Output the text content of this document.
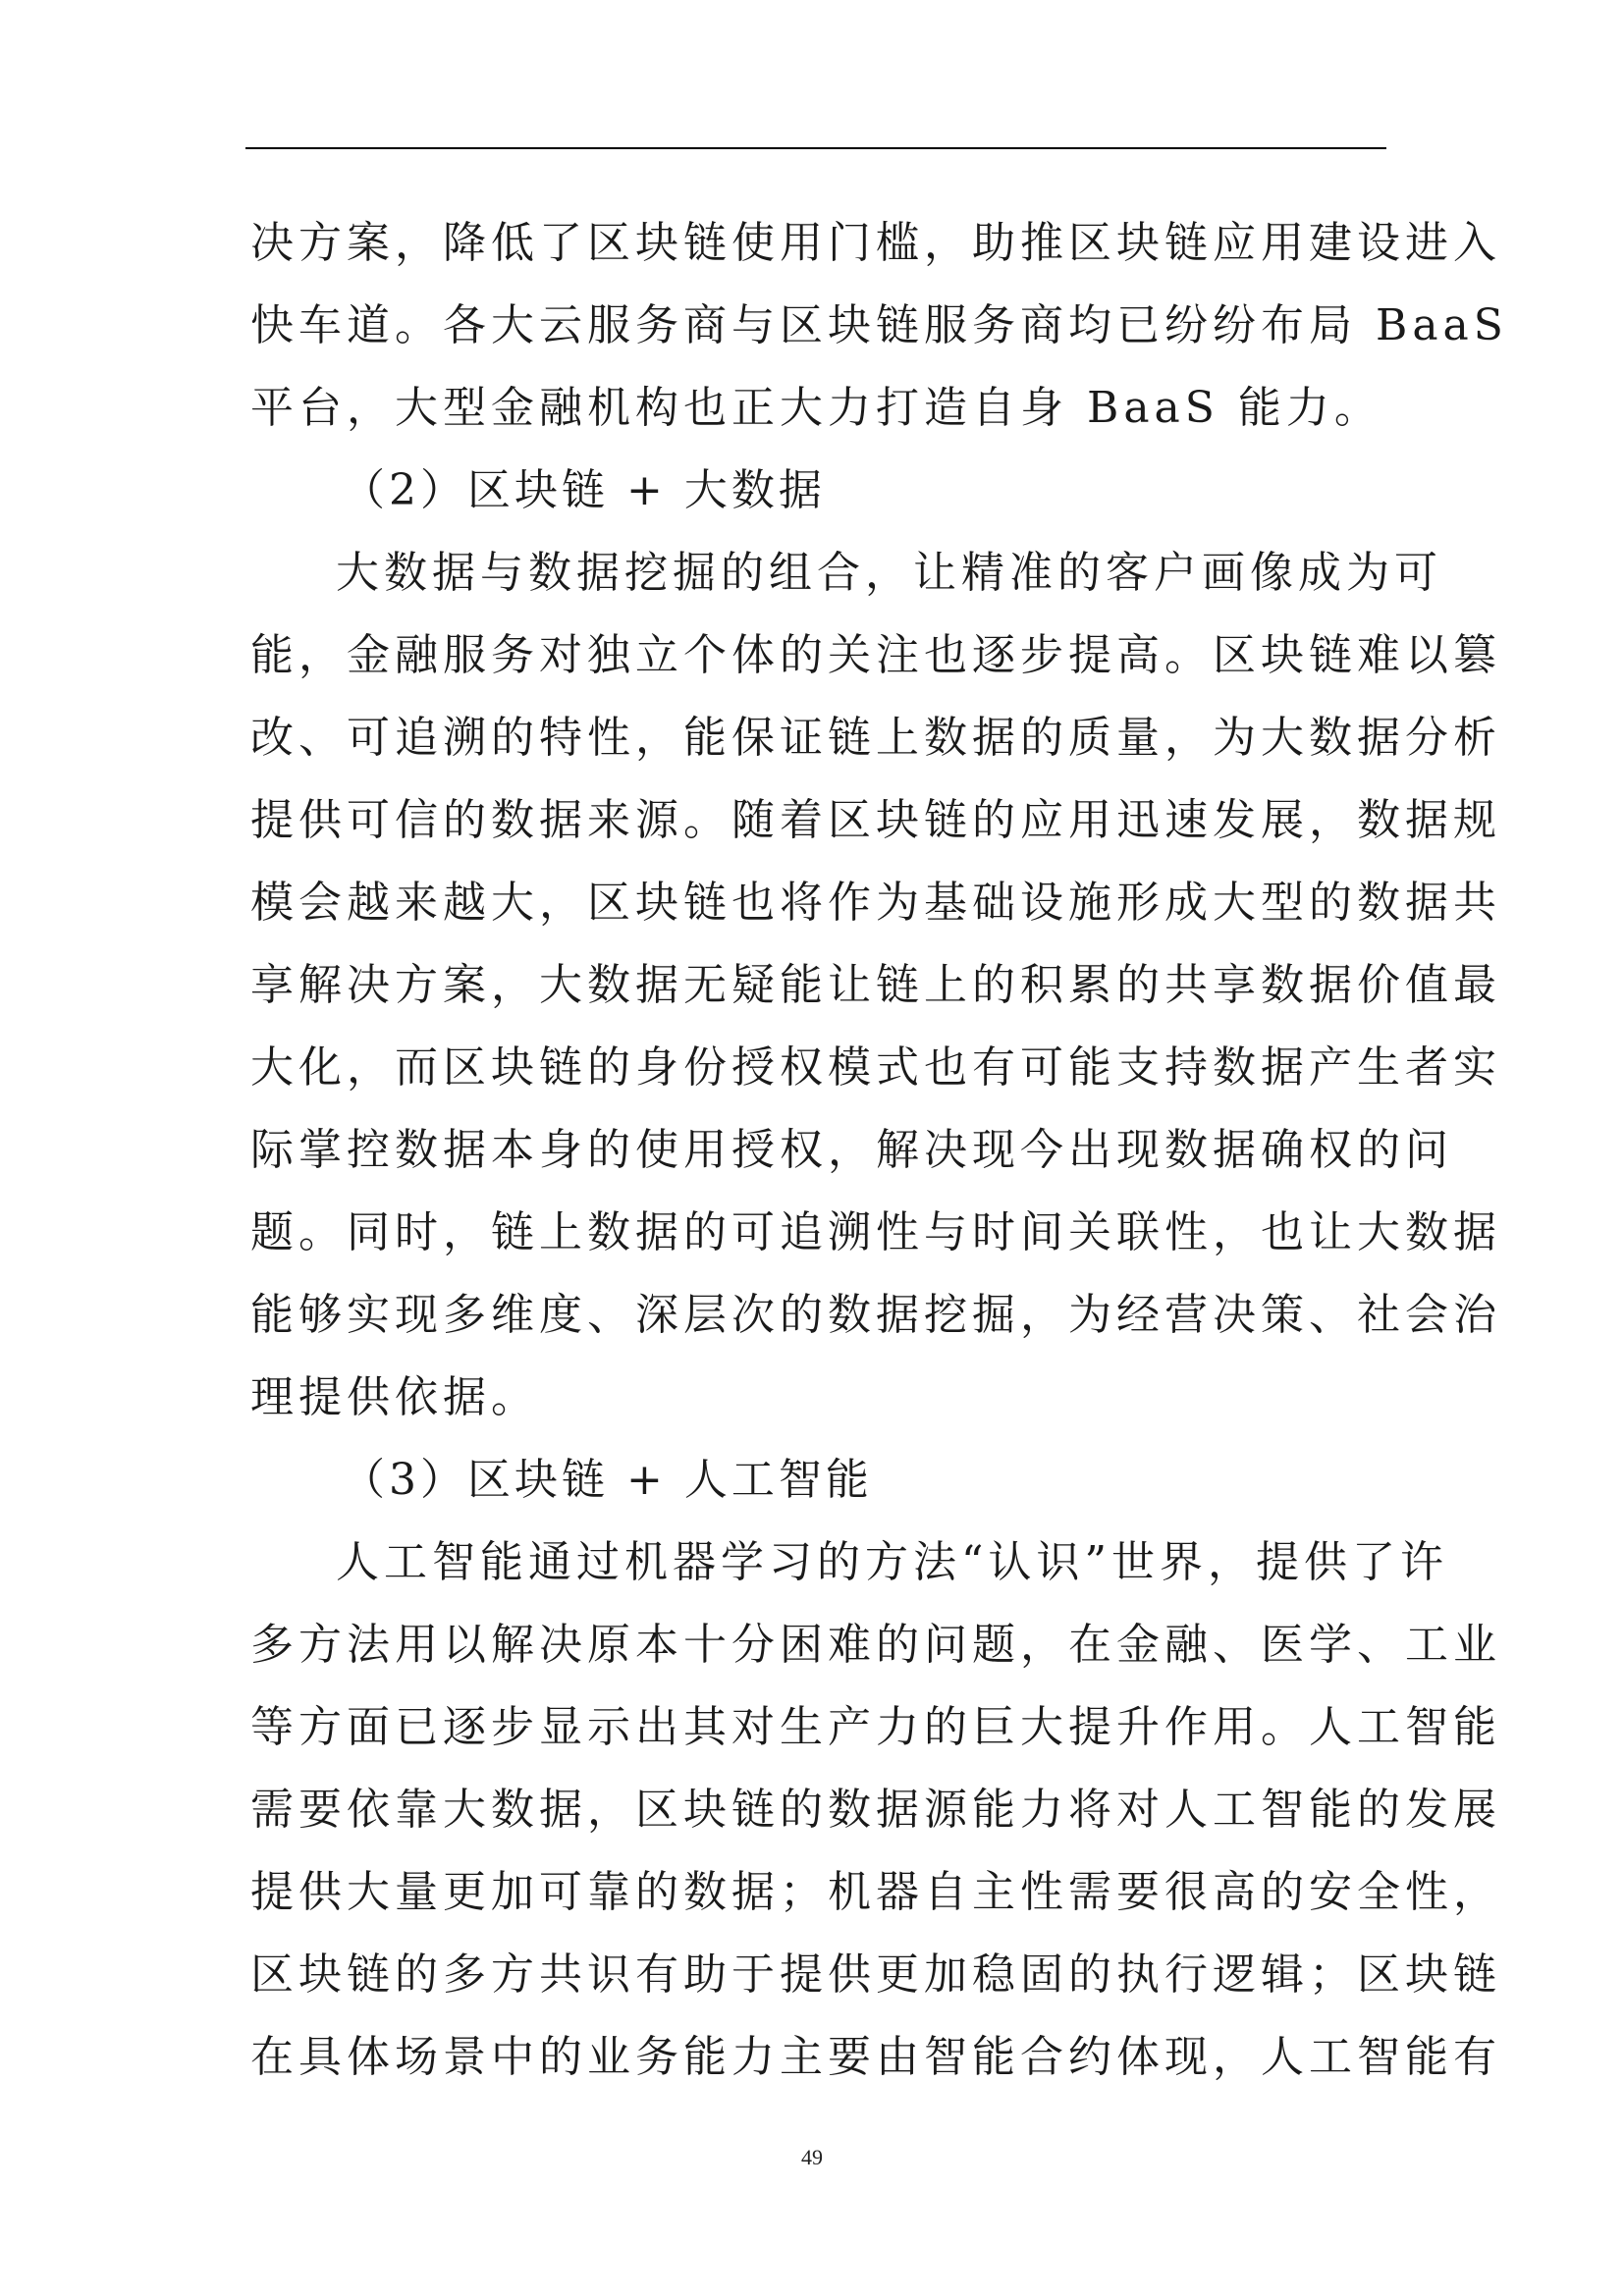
决方案，降低了区块链使用门槛，助推区块链应用建设进入
快车道。各大云服务商与区块链服务商均已纷纷布局 BaaS
平台，大型金融机构也正大力打造自身 BaaS 能力。
（2）区块链 + 大数据
大数据与数据挖掘的组合，让精准的客户画像成为可
能，金融服务对独立个体的关注也逐步提高。区块链难以篡
改、可追溯的特性，能保证链上数据的质量，为大数据分析
提供可信的数据来源。随着区块链的应用迅速发展，数据规
模会越来越大，区块链也将作为基础设施形成大型的数据共
享解决方案，大数据无疑能让链上的积累的共享数据价值最
大化，而区块链的身份授权模式也有可能支持数据产生者实
际掌控数据本身的使用授权，解决现今出现数据确权的问
题。同时，链上数据的可追溯性与时间关联性，也让大数据
能够实现多维度、深层次的数据挖掘，为经营决策、社会治
理提供依据。
（3）区块链 + 人工智能
人工智能通过机器学习的方法“认识”世界，提供了许
多方法用以解决原本十分困难的问题，在金融、医学、工业
等方面已逐步显示出其对生产力的巨大提升作用。人工智能
需要依靠大数据，区块链的数据源能力将对人工智能的发展
提供大量更加可靠的数据；机器自主性需要很高的安全性，
区块链的多方共识有助于提供更加稳固的执行逻辑；区块链
在具体场景中的业务能力主要由智能合约体现，人工智能有
49
